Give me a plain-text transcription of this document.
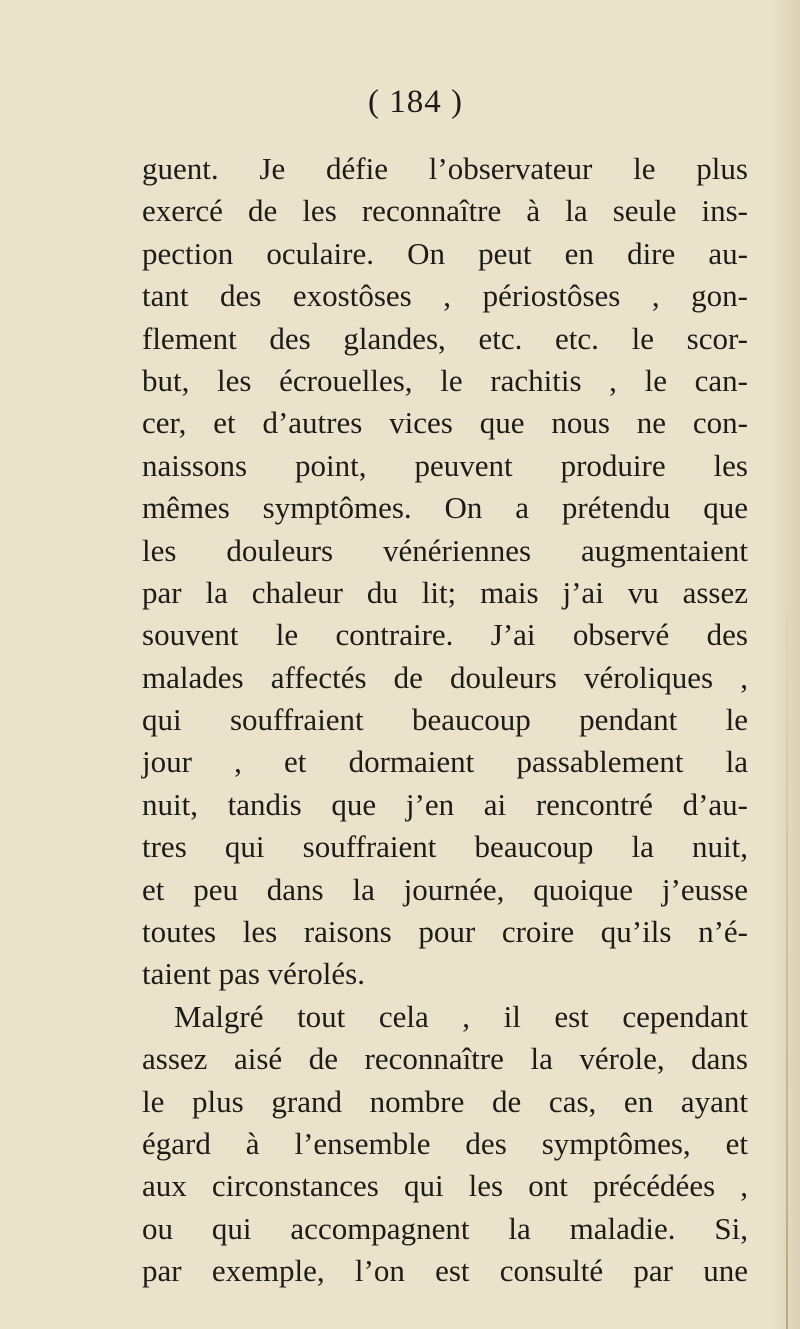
( 184 )
guent. Je défie l’observateur le plus
exercé de les reconnaître à la seule ins-
pection oculaire. On peut en dire au-
tant des exostôses , périostôses , gon-
flement des glandes, etc. etc. le scor-
but, les écrouelles, le rachitis , le can-
cer, et d’autres vices que nous ne con-
naissons point, peuvent produire les
mêmes symptômes. On a prétendu que
les douleurs vénériennes augmentaient
par la chaleur du lit; mais j’ai vu assez
souvent le contraire. J’ai observé des
malades affectés de douleurs véroliques ,
qui souffraient beaucoup pendant le
jour , et dormaient passablement la
nuit, tandis que j’en ai rencontré d’au-
tres qui souffraient beaucoup la nuit,
et peu dans la journée, quoique j’eusse
toutes les raisons pour croire qu’ils n’é-
taient pas vérolés.
Malgré tout cela , il est cependant
assez aisé de reconnaître la vérole, dans
le plus grand nombre de cas, en ayant
égard à l’ensemble des symptômes, et
aux circonstances qui les ont précédées ,
ou qui accompagnent la maladie. Si,
par exemple, l’on est consulté par une
